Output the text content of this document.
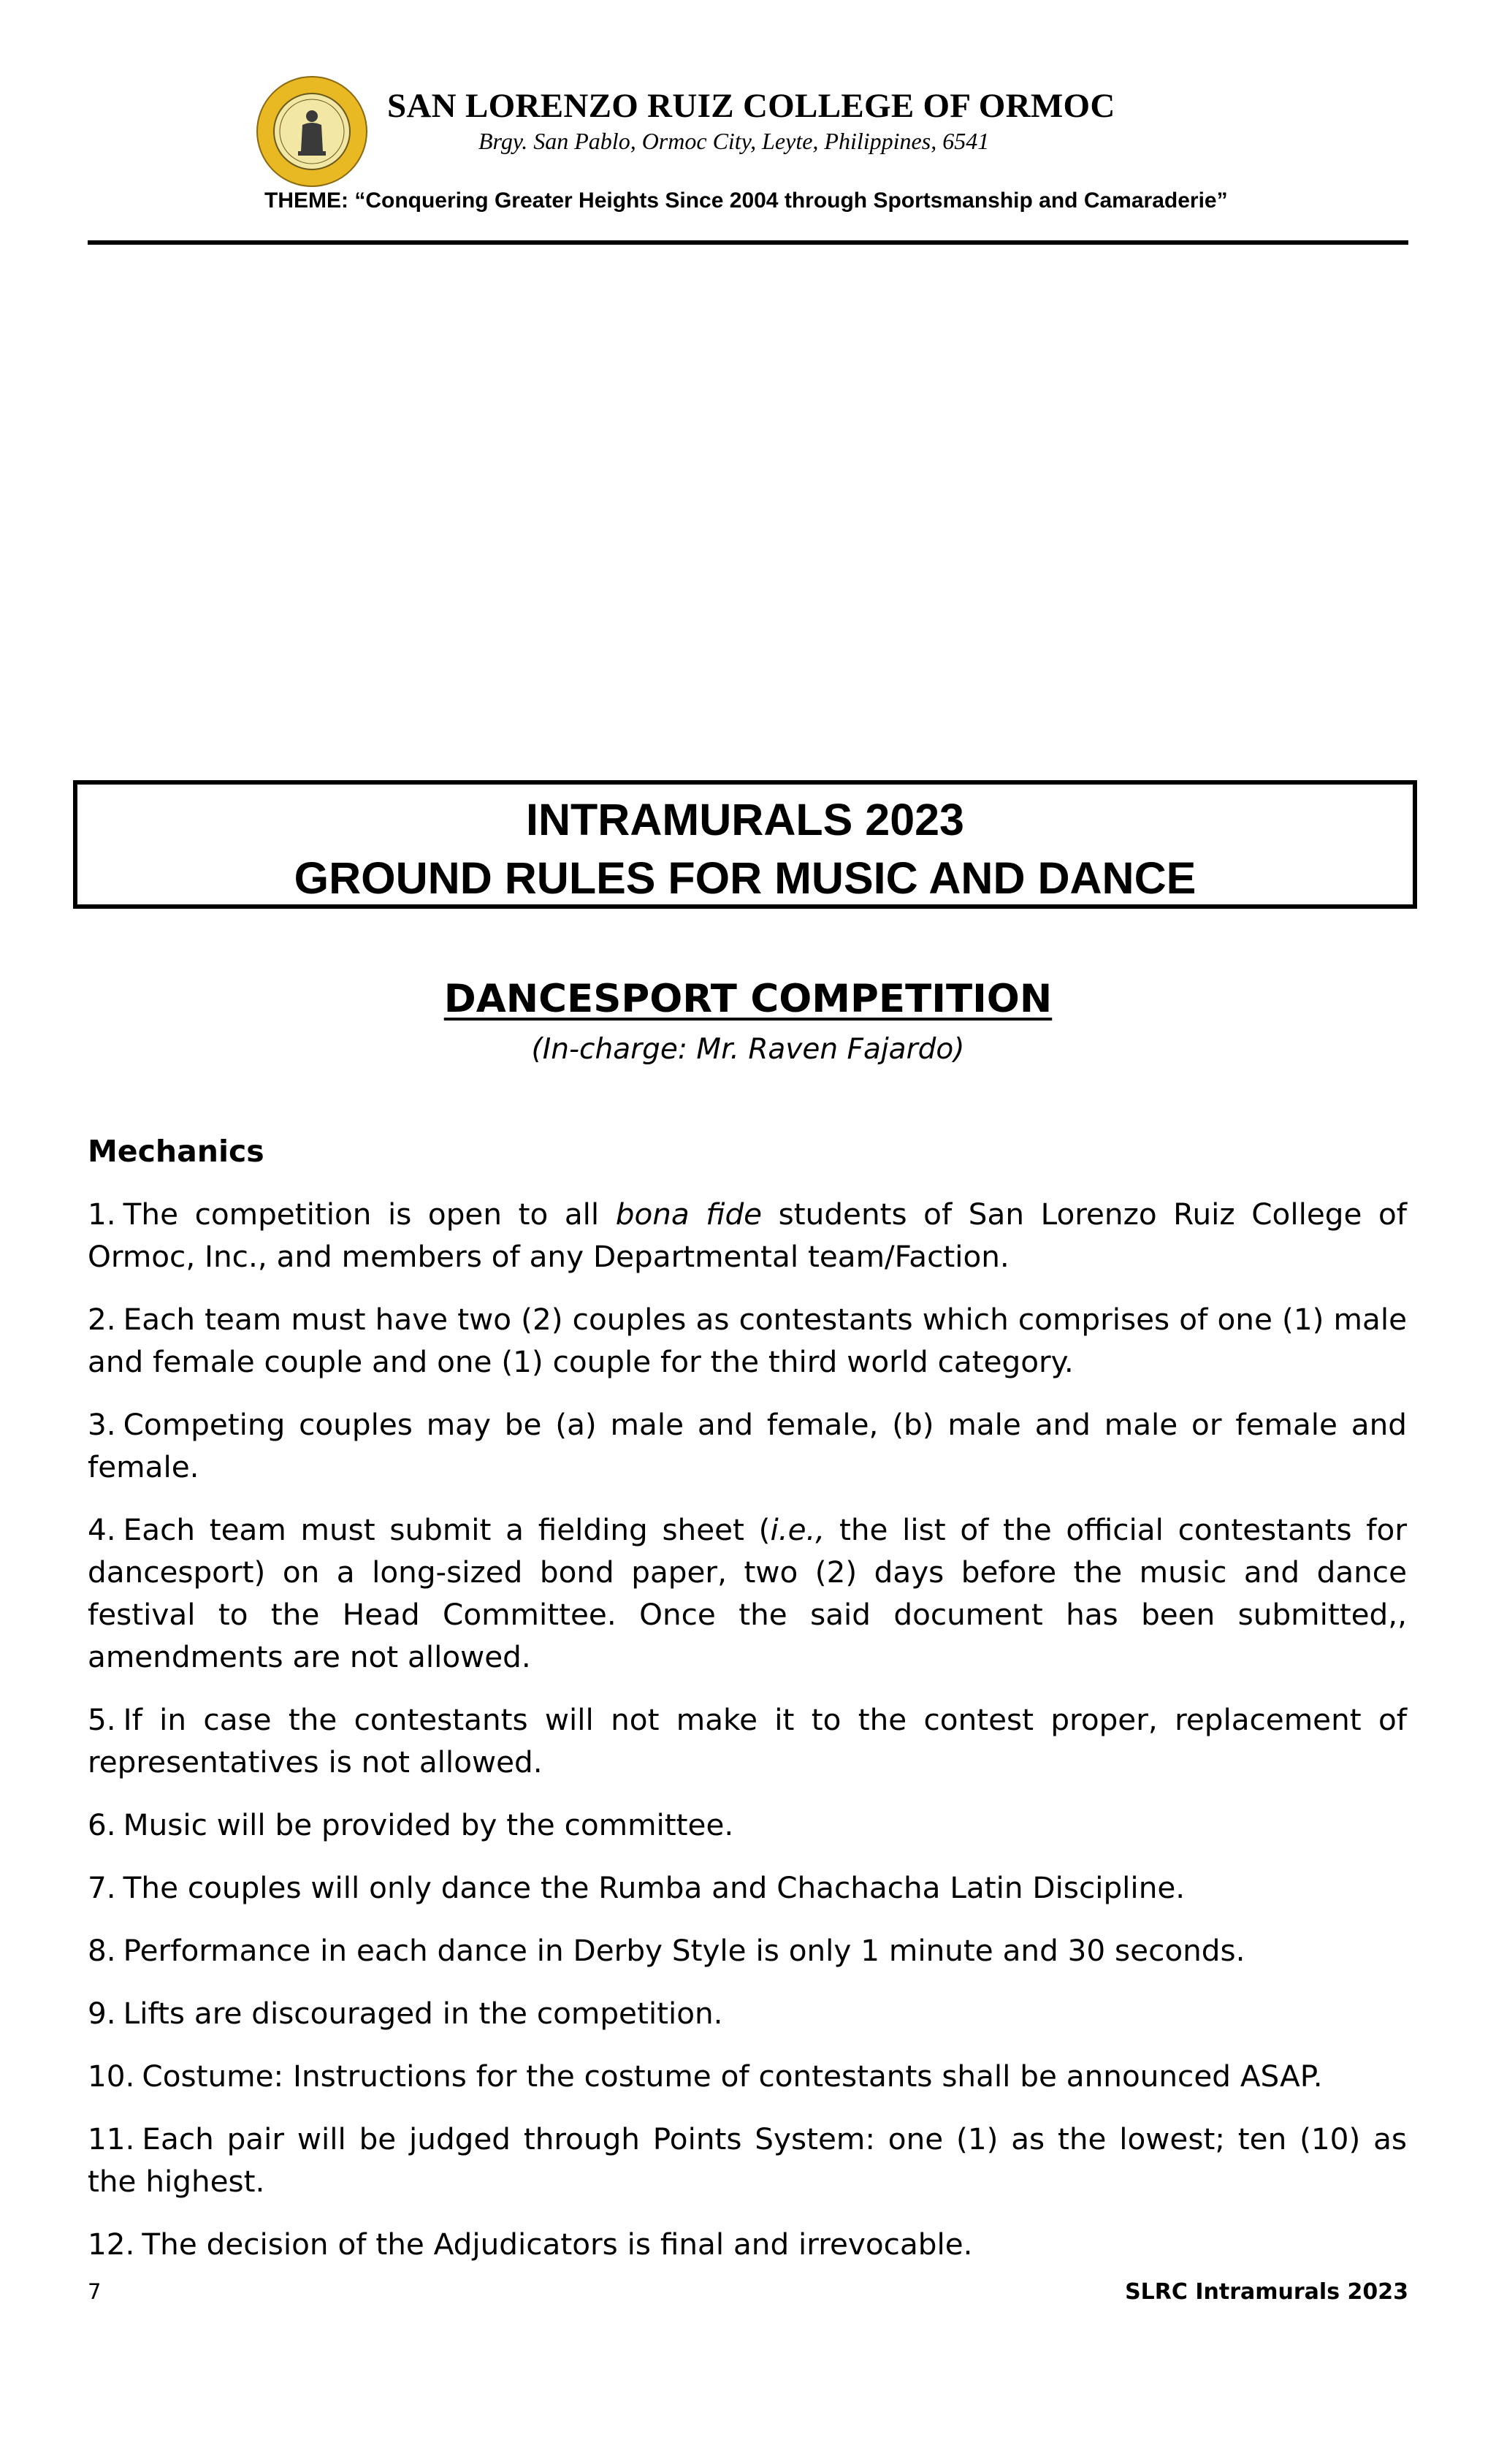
SAN LORENZO RUIZ COLLEGE OF ORMOC
Brgy. San Pablo, Ormoc City, Leyte, Philippines, 6541
THEME: “Conquering Greater Heights Since 2004 through Sportsmanship and Camaraderie”
INTRAMURALS 2023
GROUND RULES FOR MUSIC AND DANCE
DANCESPORT COMPETITION
(In-charge: Mr. Raven Fajardo)
Mechanics

1. The competition is open to all bona fide students of San Lorenzo Ruiz College of Ormoc, Inc., and members of any Departmental team/Faction.

2. Each team must have two (2) couples as contestants which comprises of one (1) male and female couple and one (1) couple for the third world category.

3. Competing couples may be (a) male and female, (b) male and male or female and female.

4. Each team must submit a fielding sheet (i.e., the list of the official contestants for dancesport) on a long-sized bond paper, two (2) days before the music and dance festival to the Head Committee. Once the said document has been submitted,, amendments are not allowed.

5. If in case the contestants will not make it to the contest proper, replacement of representatives is not allowed.

6. Music will be provided by the committee.

7. The couples will only dance the Rumba and Chachacha Latin Discipline.

8. Performance in each dance in Derby Style is only 1 minute and 30 seconds.

9. Lifts are discouraged in the competition.

10. Costume: Instructions for the costume of contestants shall be announced ASAP.

11. Each pair will be judged through Points System: one (1) as the lowest; ten (10) as the highest.

12. The decision of the Adjudicators is final and irrevocable.

7	SLRC Intramurals 2023
